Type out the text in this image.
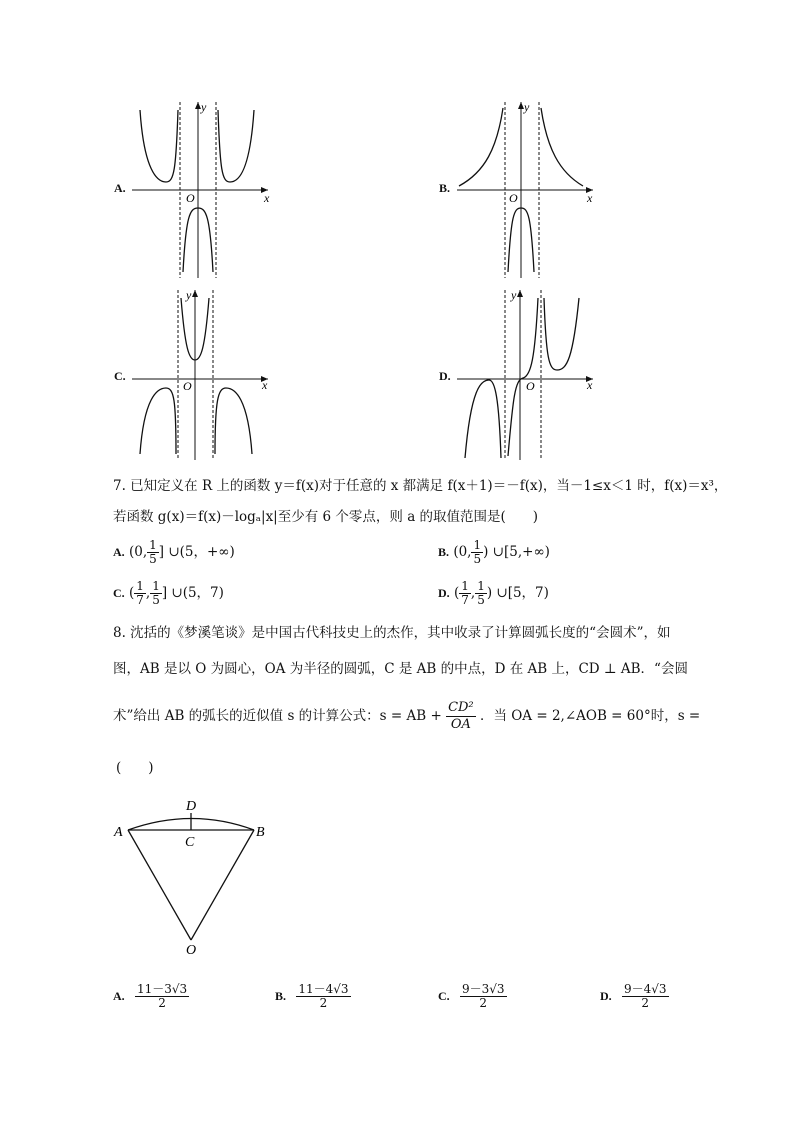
A.
y
x
O
B.
y
x
O
C.
y
x
O
D.
y
x
O
7. 已知定义在 R 上的函数 y＝f(x)对于任意的 x 都满足 f(x＋1)＝－f(x)，当－1≤x＜1 时，f(x)＝x³，
若函数 g(x)＝f(x)－logₐ|x|至少有 6 个零点，则 a 的取值范围是(　　)
A. (0, $\frac{1}{5}$ ] ∪(5，+∞)	B. (0, $\frac{1}{5}$ ) ∪[5,+∞)
C. ( $\frac{1}{7}$ , $\frac{1}{5}$ ] ∪(5，7)	D. ( $\frac{1}{7}$ , $\frac{1}{5}$ ) ∪[5，7)
8. 沈括的《梦溪笔谈》是中国古代科技史上的杰作，其中收录了计算圆弧长度的“会圆术”，如
图，AB 是以 O 为圆心，OA 为半径的圆弧，C 是 AB 的中点，D 在 AB 上，CD ⊥ AB．“会圆
术”给出 AB 的弧长的近似值 s 的计算公式：s = AB + $\frac{\text{CD²}}{OA}$ ．当 OA = 2,∠AOB = 60°时，s =
(　　)
A	B
C
D
O
A. $\frac{11-3√3}{2}$	B. $\frac{11-4√3}{2}$	C. $\frac{9-3√3}{2}$	D. $\frac{9-4√3}{2}$
